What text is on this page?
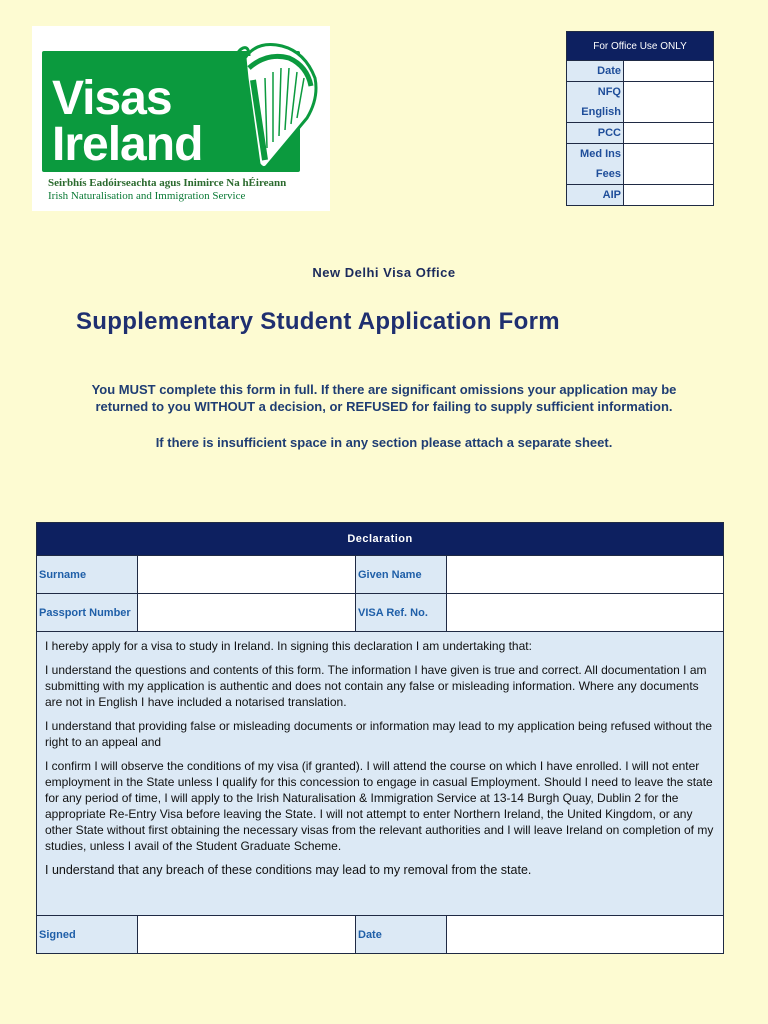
Visas
Ireland
Seirbhís Eadóirseachta agus Inimirce Na hÉireann
Irish Naturalisation and Immigration Service
For Office Use ONLY	
Date	
NFQ	
English	
PCC	
Med Ins	
Fees	
AIP	
New Delhi Visa Office
Supplementary Student Application Form
You MUST complete this form in full. If there are significant omissions your application may be
returned to you WITHOUT a decision, or REFUSED for failing to supply sufficient information.
If there is insufficient space in any section please attach a separate sheet.
Declaration			
Surname		Given Name	
Passport Number		VISA Ref. No.	

I hereby apply for a visa to study in Ireland. In signing this declaration I am undertaking that:

I understand the questions and contents of this form. The information I have given is true and correct. All documentation I am submitting with my application is authentic and does not contain any false or misleading information. Where any documents are not in English I have included a notarised translation.

I understand that providing false or misleading documents or information may lead to my application being refused without the right to an appeal and

I confirm I will observe the conditions of my visa (if granted). I will attend the course on which I have enrolled. I will not enter employment in the State unless I qualify for this concession to engage in casual Employment. Should I need to leave the state for any period of time, I will apply to the Irish Naturalisation & Immigration Service at 13-14 Burgh Quay, Dublin 2 for the appropriate Re-Entry Visa before leaving the State. I will not attempt to enter Northern Ireland, the United Kingdom, or any other State without first obtaining the necessary visas from the relevant authorities and I will leave Ireland on completion of my studies, unless I avail of the Student Graduate Scheme.

I understand that any breach of these conditions may lead to my removal from the state.			

Signed		Date	
